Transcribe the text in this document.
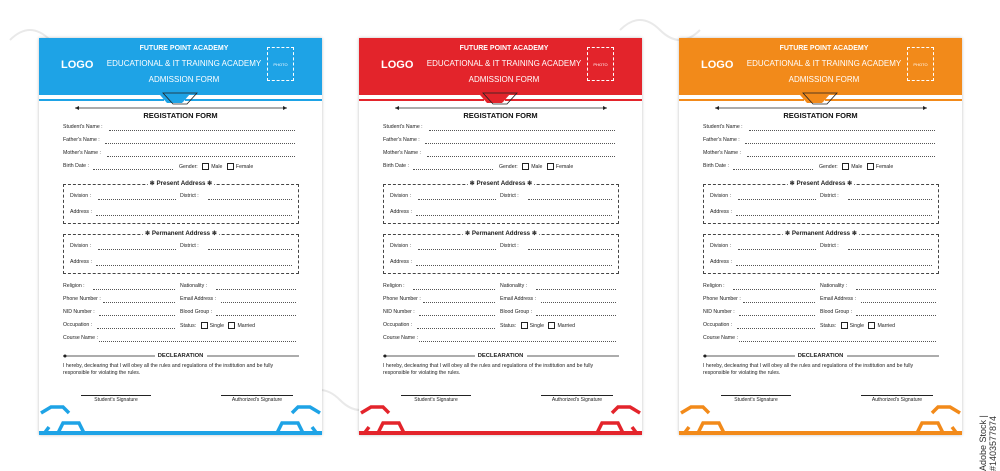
LOGO
FUTURE POINT ACADEMY
EDUCATIONAL & IT TRAINING ACADEMY
ADMISSION FORM
PHOTO
REGISTATION FORM
Student's Name :
Father's Name :
Mother's Name :
Birth Date :	Gender:	Male	Female
✻ Present Address ✻
Division :	District :
Address :
✻ Permanent Address ✻
Division :	District :
Address :
Religion :	Nationality :
Phone Number :	Email Address :
NID Number :	Blood Group :
Occupation :	Status:	Single	Married
Course Name :
DECLEARATION
I hereby, declearing that I will obey all the rules and regulations of the institution and be fully responsible for violating the rules.
Student's Signature	Authorized's Signature
LOGO
FUTURE POINT ACADEMY
EDUCATIONAL & IT TRAINING ACADEMY
ADMISSION FORM
PHOTO
REGISTATION FORM
Student's Name :
Father's Name :
Mother's Name :
Birth Date :	Gender:	Male	Female
✻ Present Address ✻
Division :	District :
Address :
✻ Permanent Address ✻
Division :	District :
Address :
Religion :	Nationality :
Phone Number :	Email Address :
NID Number :	Blood Group :
Occupation :	Status:	Single	Married
Course Name :
DECLEARATION
I hereby, declearing that I will obey all the rules and regulations of the institution and be fully responsible for violating the rules.
Student's Signature	Authorized's Signature
LOGO
FUTURE POINT ACADEMY
EDUCATIONAL & IT TRAINING ACADEMY
ADMISSION FORM
PHOTO
REGISTATION FORM
Student's Name :
Father's Name :
Mother's Name :
Birth Date :	Gender:	Male	Female
✻ Present Address ✻
Division :	District :
Address :
✻ Permanent Address ✻
Division :	District :
Address :
Religion :	Nationality :
Phone Number :	Email Address :
NID Number :	Blood Group :
Occupation :	Status:	Single	Married
Course Name :
DECLEARATION
I hereby, declearing that I will obey all the rules and regulations of the institution and be fully responsible for violating the rules.
Student's Signature	Authorized's Signature
Adobe Stock | #1403577874
